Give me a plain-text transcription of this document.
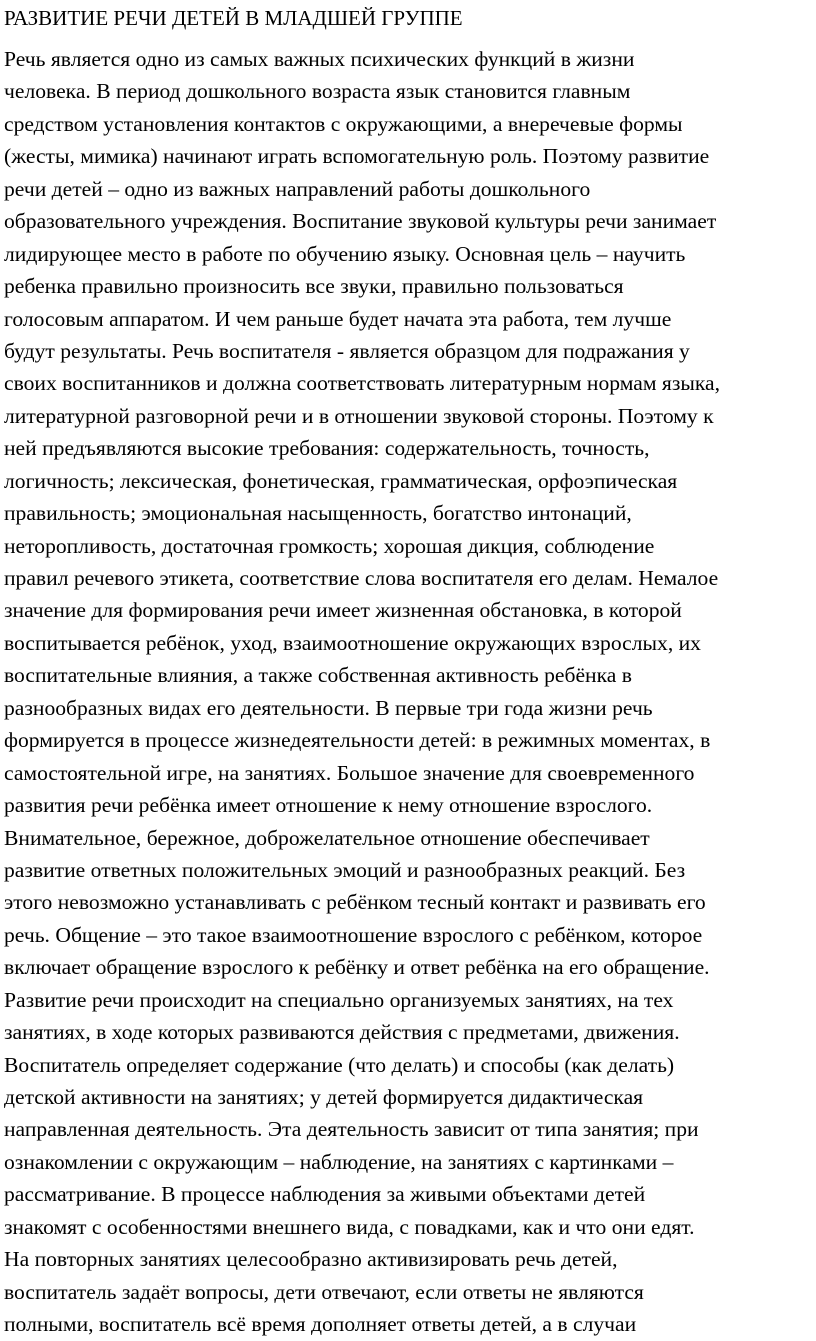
РАЗВИТИЕ РЕЧИ ДЕТЕЙ В МЛАДШЕЙ ГРУППЕ
Речь является одно из самых важных психических функций в жизни
человека. В период дошкольного возраста язык становится главным
средством установления контактов с окружающими, а внеречевые формы
(жесты, мимика) начинают играть вспомогательную роль. Поэтому развитие
речи детей – одно из важных направлений работы дошкольного
образовательного учреждения. Воспитание звуковой культуры речи занимает
лидирующее место в работе по обучению языку. Основная цель – научить
ребенка правильно произносить все звуки, правильно пользоваться
голосовым аппаратом. И чем раньше будет начата эта работа, тем лучше
будут результаты. Речь воспитателя - является образцом для подражания у
своих воспитанников и должна соответствовать литературным нормам языка,
литературной разговорной речи и в отношении звуковой стороны. Поэтому к
ней предъявляются высокие требования: содержательность, точность,
логичность; лексическая, фонетическая, грамматическая, орфоэпическая
правильность; эмоциональная насыщенность, богатство интонаций,
неторопливость, достаточная громкость; хорошая дикция, соблюдение
правил речевого этикета, соответствие слова воспитателя его делам. Немалое
значение для формирования речи имеет жизненная обстановка, в которой
воспитывается ребёнок, уход, взаимоотношение окружающих взрослых, их
воспитательные влияния, а также собственная активность ребёнка в
разнообразных видах его деятельности. В первые три года жизни речь
формируется в процессе жизнедеятельности детей: в режимных моментах, в
самостоятельной игре, на занятиях. Большое значение для своевременного
развития речи ребёнка имеет отношение к нему отношение взрослого.
Внимательное, бережное, доброжелательное отношение обеспечивает
развитие ответных положительных эмоций и разнообразных реакций. Без
этого невозможно устанавливать с ребёнком тесный контакт и развивать его
речь. Общение – это такое взаимоотношение взрослого с ребёнком, которое
включает обращение взрослого к ребёнку и ответ ребёнка на его обращение.
Развитие речи происходит на специально организуемых занятиях, на тех
занятиях, в ходе которых развиваются действия с предметами, движения.
Воспитатель определяет содержание (что делать) и способы (как делать)
детской активности на занятиях; у детей формируется дидактическая
направленная деятельность. Эта деятельность зависит от типа занятия; при
ознакомлении с окружающим – наблюдение, на занятиях с картинками –
рассматривание. В процессе наблюдения за живыми объектами детей
знакомят с особенностями внешнего вида, с повадками, как и что они едят.
На повторных занятиях целесообразно активизировать речь детей,
воспитатель задаёт вопросы, дети отвечают, если ответы не являются
полными, воспитатель всё время дополняет ответы детей, а в случаи
